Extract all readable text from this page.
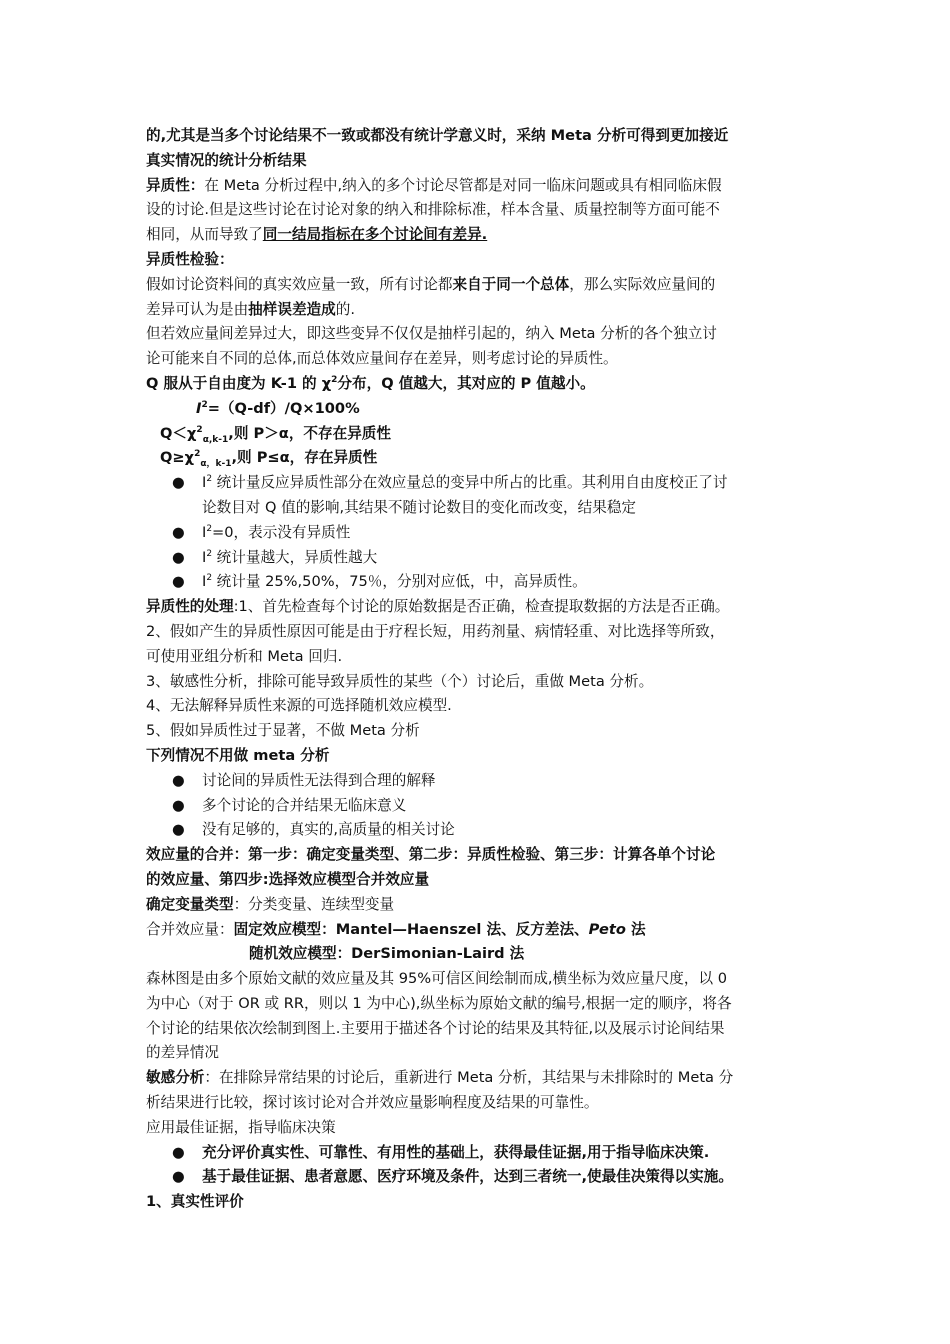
的,尤其是当多个讨论结果不一致或都没有统计学意义时，采纳 Meta 分析可得到更加接近
真实情况的统计分析结果
异质性：在 Meta 分析过程中,纳入的多个讨论尽管都是对同一临床问题或具有相同临床假
设的讨论.但是这些讨论在讨论对象的纳入和排除标准，样本含量、质量控制等方面可能不
相同，从而导致了同一结局指标在多个讨论间有差异.
异质性检验：
假如讨论资料间的真实效应量一致，所有讨论都来自于同一个总体，那么实际效应量间的
差异可认为是由抽样误差造成的.
但若效应量间差异过大，即这些变异不仅仅是抽样引起的，纳入 Meta 分析的各个独立讨
论可能来自不同的总体,而总体效应量间存在差异，则考虑讨论的异质性。
Q 服从于自由度为 K-1 的 $\chi^2$分布，Q 值越大，其对应的 P 值越小。
$I^2=(Q-df)/Q\times 100\%$
$Q<\chi^2_{\alpha,k-1}$,则 P＞α，不存在异质性
$Q\ge\chi^2_{\alpha,k-1}$,则 P≤α，存在异质性
● $I^2$ 统计量反应异质性部分在效应量总的变异中所占的比重。其利用自由度校正了讨
论数目对 Q 值的影响,其结果不随讨论数目的变化而改变，结果稳定
● $I^2=0$，表示没有异质性
● $I^2$ 统计量越大，异质性越大
● $I^2$ 统计量 25%,50%，75％，分别对应低，中，高异质性。
异质性的处理:1、首先检查每个讨论的原始数据是否正确，检查提取数据的方法是否正确。
2、假如产生的异质性原因可能是由于疗程长短，用药剂量、病情轻重、对比选择等所致，
可使用亚组分析和 Meta 回归.
3、敏感性分析，排除可能导致异质性的某些（个）讨论后，重做 Meta 分析。
4、无法解释异质性来源的可选择随机效应模型.
5、假如异质性过于显著，不做 Meta 分析
下列情况不用做 meta 分析
● 讨论间的异质性无法得到合理的解释
● 多个讨论的合并结果无临床意义
● 没有足够的，真实的,高质量的相关讨论
效应量的合并：第一步：确定变量类型、第二步：异质性检验、第三步：计算各单个讨论
的效应量、第四步:选择效应模型合并效应量
确定变量类型：分类变量、连续型变量
合并效应量：固定效应模型：Mantel—Haenszel 法、反方差法、Peto 法
随机效应模型：DerSimonian-Laird 法
森林图是由多个原始文献的效应量及其 95%可信区间绘制而成,横坐标为效应量尺度，以 0
为中心（对于 OR 或 RR，则以 1 为中心),纵坐标为原始文献的编号,根据一定的顺序，将各
个讨论的结果依次绘制到图上.主要用于描述各个讨论的结果及其特征,以及展示讨论间结果
的差异情况
敏感分析：在排除异常结果的讨论后，重新进行 Meta 分析，其结果与未排除时的 Meta 分
析结果进行比较，探讨该讨论对合并效应量影响程度及结果的可靠性。
应用最佳证据，指导临床决策
● 充分评价真实性、可靠性、有用性的基础上，获得最佳证据,用于指导临床决策.
● 基于最佳证据、患者意愿、医疗环境及条件，达到三者统一,使最佳决策得以实施。
1、真实性评价
